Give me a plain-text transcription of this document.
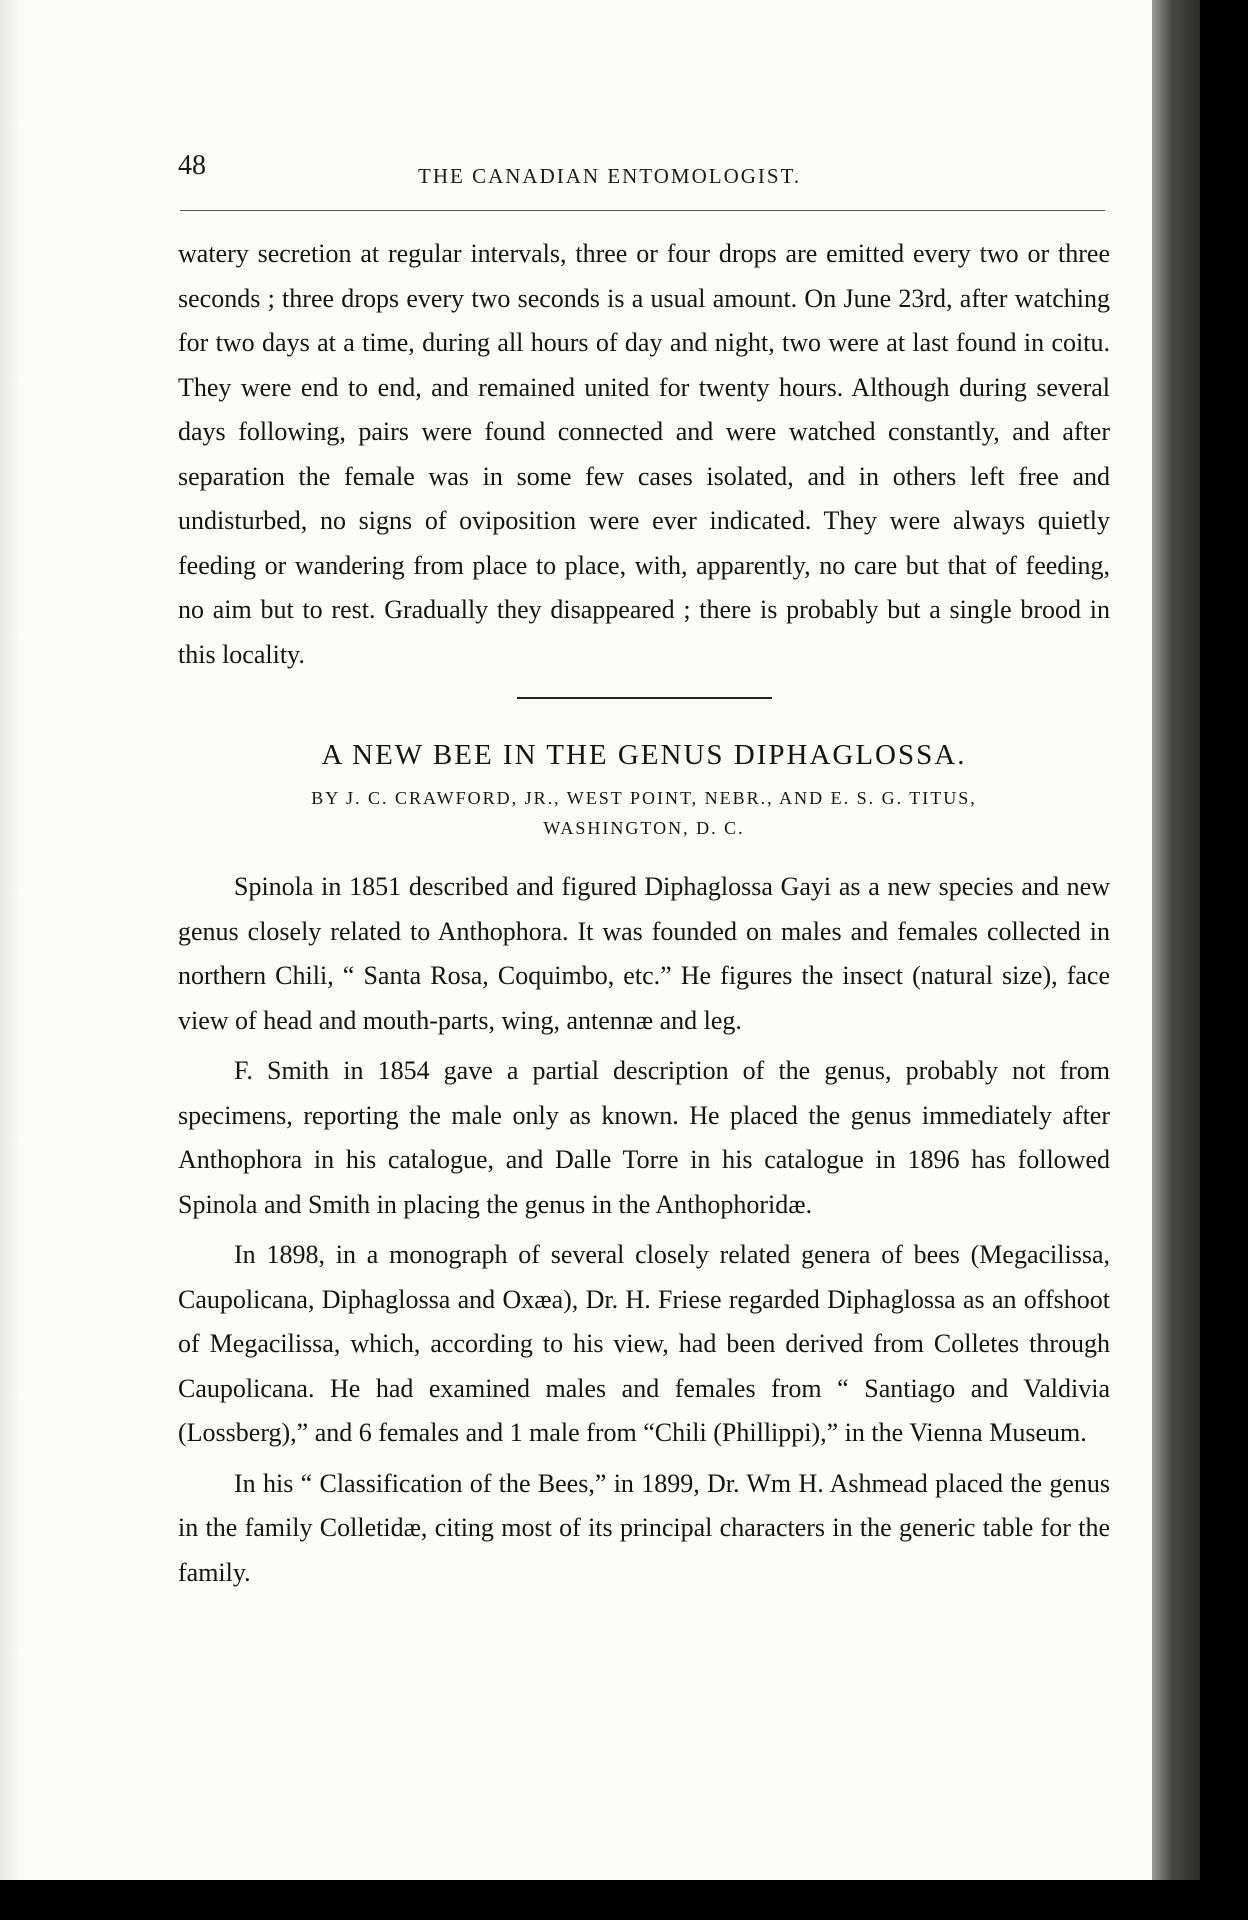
48	THE CANADIAN ENTOMOLOGIST.

watery secretion at regular intervals, three or four drops are emitted every two or three seconds ; three drops every two seconds is a usual amount. On June 23rd, after watching for two days at a time, during all hours of day and night, two were at last found in coitu. They were end to end, and remained united for twenty hours. Although during several days following, pairs were found connected and were watched constantly, and after separation the female was in some few cases isolated, and in others left free and undisturbed, no signs of oviposition were ever indicated. They were always quietly feeding or wandering from place to place, with, apparently, no care but that of feeding, no aim but to rest. Gradually they disappeared ; there is probably but a single brood in this locality.

A NEW BEE IN THE GENUS DIPHAGLOSSA.
BY J. C. CRAWFORD, JR., WEST POINT, NEBR., AND E. S. G. TITUS,
WASHINGTON, D. C.

Spinola in 1851 described and figured Diphaglossa Gayi as a new species and new genus closely related to Anthophora. It was founded on males and females collected in northern Chili, “ Santa Rosa, Coquimbo, etc.” He figures the insect (natural size), face view of head and mouth-parts, wing, antennæ and leg.

F. Smith in 1854 gave a partial description of the genus, probably not from specimens, reporting the male only as known. He placed the genus immediately after Anthophora in his catalogue, and Dalle Torre in his catalogue in 1896 has followed Spinola and Smith in placing the genus in the Anthophoridæ.

In 1898, in a monograph of several closely related genera of bees (Megacilissa, Caupolicana, Diphaglossa and Oxæa), Dr. H. Friese regarded Diphaglossa as an offshoot of Megacilissa, which, according to his view, had been derived from Colletes through Caupolicana. He had examined males and females from “ Santiago and Valdivia (Lossberg),” and 6 females and 1 male from “Chili (Phillippi),” in the Vienna Museum.

In his “ Classification of the Bees,” in 1899, Dr. Wm H. Ashmead placed the genus in the family Colletidæ, citing most of its principal characters in the generic table for the family.
